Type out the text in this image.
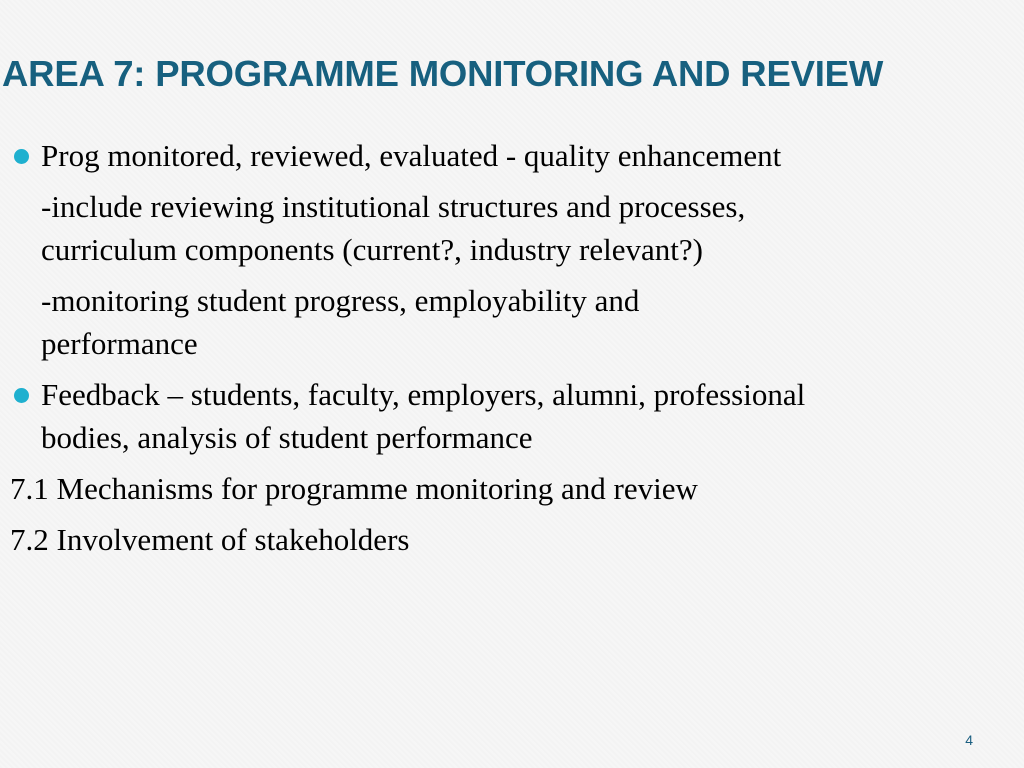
AREA 7: PROGRAMME MONITORING AND REVIEW
Prog monitored, reviewed, evaluated - quality enhancement
-include reviewing institutional structures and processes,
curriculum components (current?, industry relevant?)
-monitoring student progress, employability and
performance
Feedback – students, faculty, employers, alumni, professional
bodies, analysis of student performance
7.1 Mechanisms for programme monitoring and review
7.2 Involvement of stakeholders
4
